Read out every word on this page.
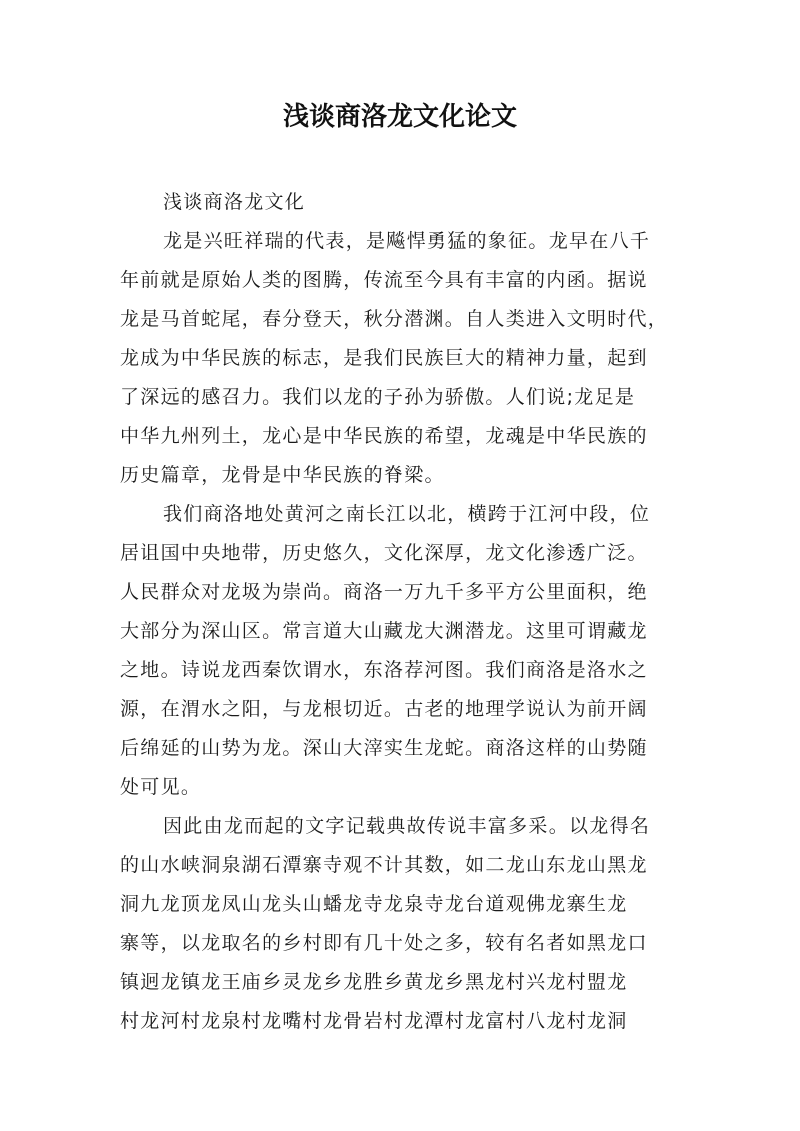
浅谈商洛龙文化论文
浅谈商洛龙文化
龙是兴旺祥瑞的代表，是飚悍勇猛的象征。龙早在八千
年前就是原始人类的图腾，传流至今具有丰富的内函。据说
龙是马首蛇尾，春分登天，秋分潜渊。自人类进入文明时代，
龙成为中华民族的标志，是我们民族巨大的精神力量，起到
了深远的感召力。我们以龙的子孙为骄傲。人们说;龙足是
中华九州列土，龙心是中华民族的希望，龙魂是中华民族的
历史篇章，龙骨是中华民族的脊梁。
我们商洛地处黄河之南长江以北，横跨于江河中段，位
居诅国中央地带，历史悠久，文化深厚，龙文化渗透广泛。
人民群众对龙圾为崇尚。商洛一万九千多平方公里面积，绝
大部分为深山区。常言道大山藏龙大渊潜龙。这里可谓藏龙
之地。诗说龙西秦饮谓水，东洛荐河图。我们商洛是洛水之
源，在渭水之阳，与龙根切近。古老的地理学说认为前开阔
后绵延的山势为龙。深山大滓实生龙蛇。商洛这样的山势随
处可见。
因此由龙而起的文字记载典故传说丰富多采。以龙得名
的山水峡洞泉湖石潭寨寺观不计其数，如二龙山东龙山黑龙
洞九龙顶龙凤山龙头山蟠龙寺龙泉寺龙台道观佛龙寨生龙
寨等，以龙取名的乡村即有几十处之多，较有名者如黑龙口
镇迥龙镇龙王庙乡灵龙乡龙胜乡黄龙乡黑龙村兴龙村盟龙
村龙河村龙泉村龙嘴村龙骨岩村龙潭村龙富村八龙村龙洞
